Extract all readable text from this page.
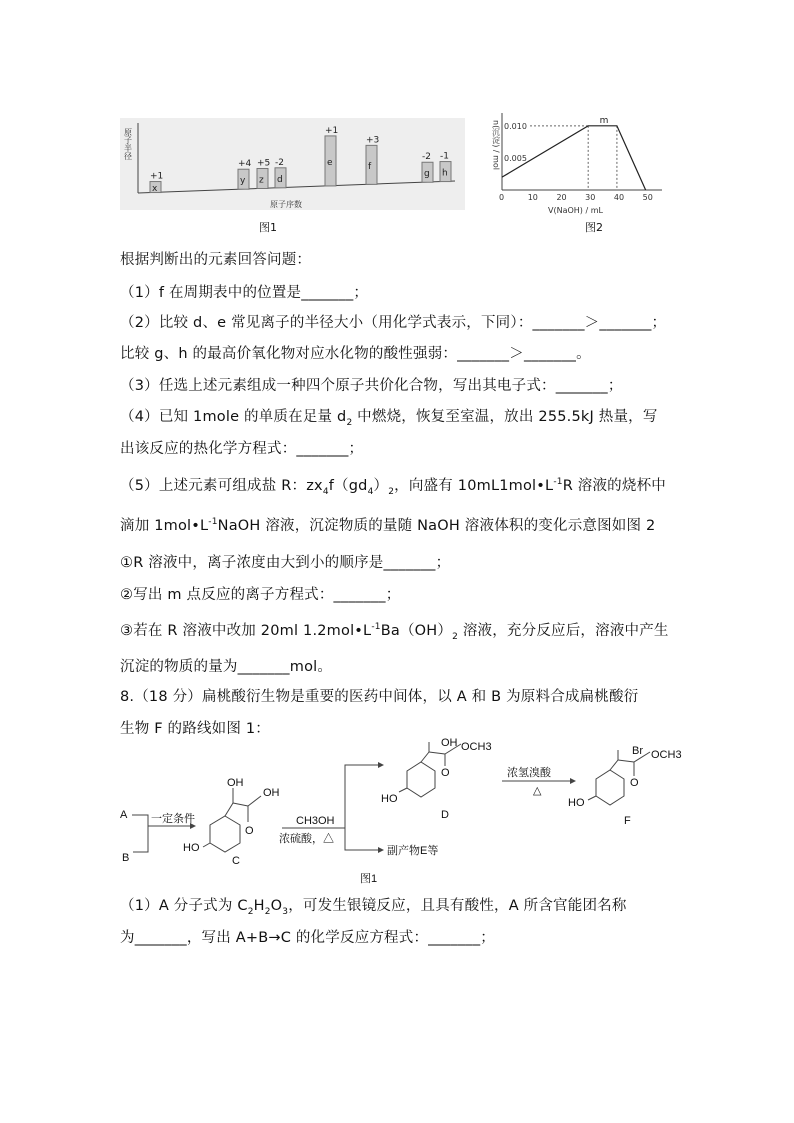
原子半径
原子序数
x
+1	y
+4
z
+5
d
-2	e
+1
f
+3
g
-2
h
-1
图1
n(沉淀) / mol
0	10 20 30 40 50
0.010
0.005
m
V(NaOH) / mL
图2
根据判断出的元素回答问题：
（1）f 在周期表中的位置是_______；
（2）比较 d、e 常见离子的半径大小（用化学式表示，下同）：_______＞_______；
比较 g、h 的最高价氧化物对应水化物的酸性强弱：_______＞_______。
（3）任选上述元素组成一种四个原子共价化合物，写出其电子式：_______；
（4）已知 1mole 的单质在足量 $d_2$ 中燃烧，恢复至室温，放出 255.5kJ 热量，写
出该反应的热化学方程式：_______；
（5）上述元素可组成盐 R：$zx_4f(gd_4)_2$，向盛有 $10mL1mol•L^{-1}R$ 溶液的烧杯中
滴加 $1mol•L^{-1}NaOH$ 溶液，沉淀物质的量随 NaOH 溶液体积的变化示意图如图 2
①R 溶液中，离子浓度由大到小的顺序是_______；
②写出 m 点反应的离子方程式：_______；
③若在 R 溶液中改加 20ml $1.2mol•L^{-1}Ba(OH)_2$ 溶液，充分反应后，溶液中产生
沉淀的物质的量为_______mol。
8.（18 分）扁桃酸衍生物是重要的医药中间体，以 A 和 B 为原料合成扁桃酸衍
生物 F 的路线如图 1：
A
B
一定条件
OH
OH
O
HO
C
CH3OH
浓硫酸，△
副产物E等
OH OCH3
O
HO
D
浓氢溴酸
△
Br OCH3
O
HO
F
图1
（1）A 分子式为 $C_2H_2O_3$，可发生银镜反应，且具有酸性，A 所含官能团名称
为_______，写出 A+B→C 的化学反应方程式：_______；
